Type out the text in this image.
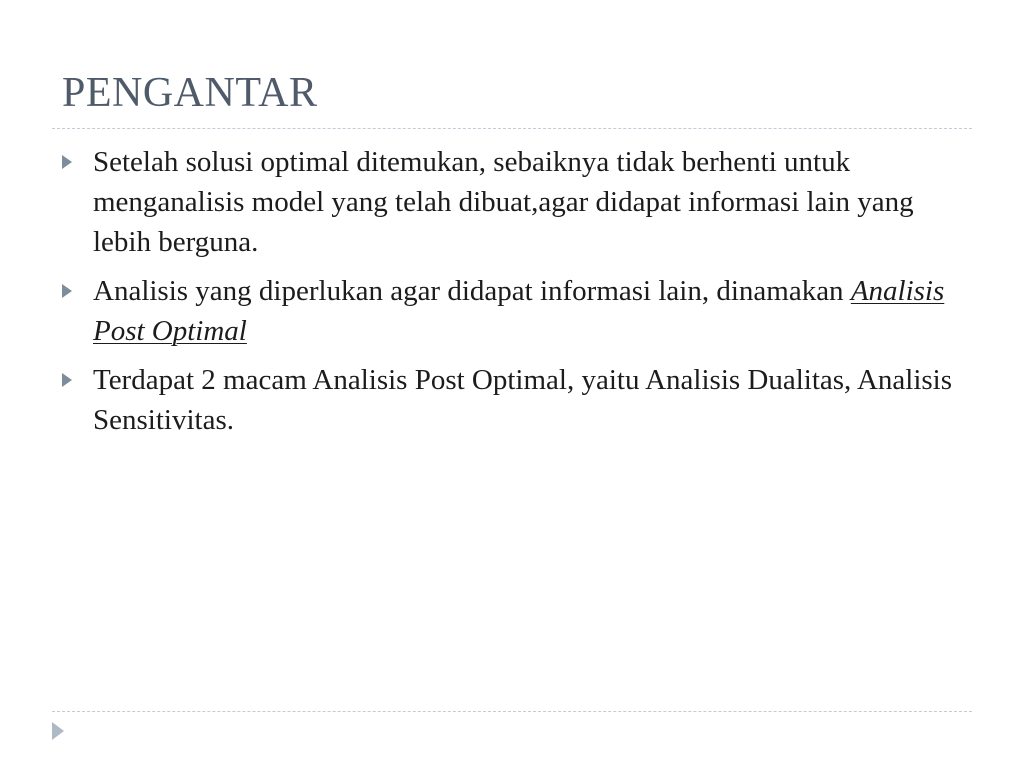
PENGANTAR
Setelah solusi optimal ditemukan, sebaiknya tidak berhenti untuk menganalisis model yang telah dibuat,agar didapat informasi lain yang lebih berguna.
Analisis yang diperlukan agar didapat informasi lain, dinamakan Analisis Post Optimal
Terdapat 2 macam Analisis Post Optimal, yaitu Analisis Dualitas, Analisis Sensitivitas.
